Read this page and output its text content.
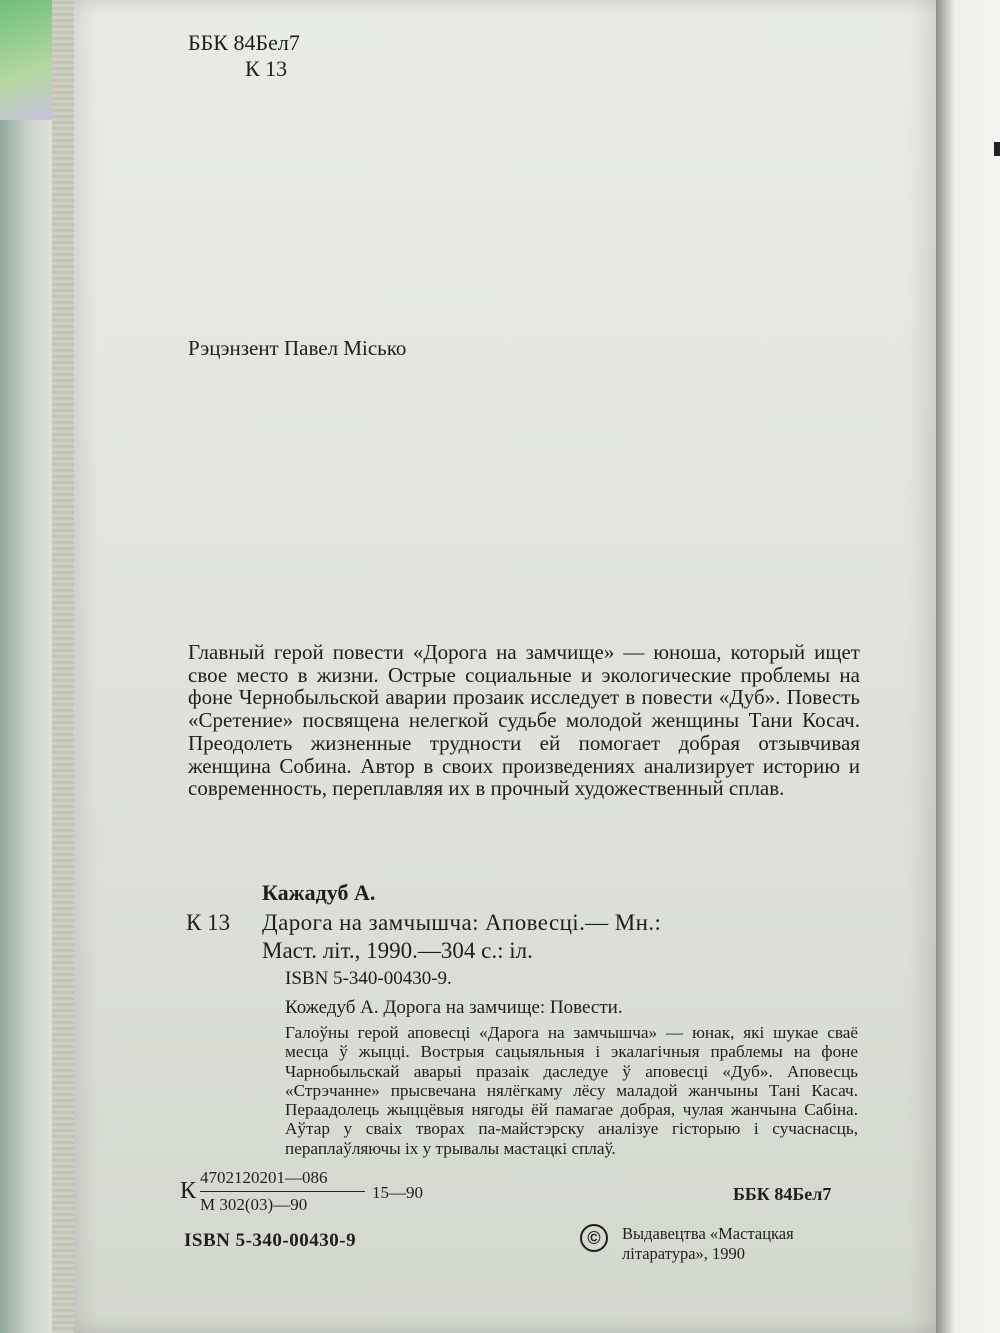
ББК 84Бел7
К 13
Рэцэнзент Павел Місько
Главный герой повести «Дорога на замчище» — юноша, который ищет свое место в жизни. Острые социальные и экологические проблемы на фоне Чернобыльской аварии прозаик исследует в повести «Дуб». Повесть «Сретение» посвящена нелегкой судьбе молодой женщины Тани Косач. Преодолеть жизненные трудности ей помогает добрая отзывчивая женщина Собина. Автор в своих произведениях анализирует историю и современность, переплавляя их в прочный художественный сплав.
Кажадуб А.
К 13 Дарога на замчышча: Аповесці.— Мн.:
Маст. літ., 1990.—304 с.: іл.
ISBN 5-340-00430-9.
Кожедуб А. Дорога на замчище: Повести.
Галоўны герой аповесці «Дарога на замчышча» — юнак, які шукае сваё месца ў жыцці. Вострыя сацыяльныя і экалагічныя праблемы на фоне Чарнобыльскай аварыі празаік даследуе ў аповесці «Дуб». Аповесць «Стрэчанне» прысвечана нялёгкаму лёсу маладой жанчыны Тані Касач. Пераадолець жыццёвыя нягоды ёй памагае добрая, чулая жанчына Сабіна. Аўтар у сваіх творах па-майстэрску аналізуе гісторыю і сучаснасць, пераплаўляючы іх у трывалы мастацкі сплаў.
К
4702120201—086
15—90
М 302(03)—90
ББК 84Бел7
ISBN 5-340-00430-9	©	Выдавецтва «Мастацкая
літаратура», 1990
